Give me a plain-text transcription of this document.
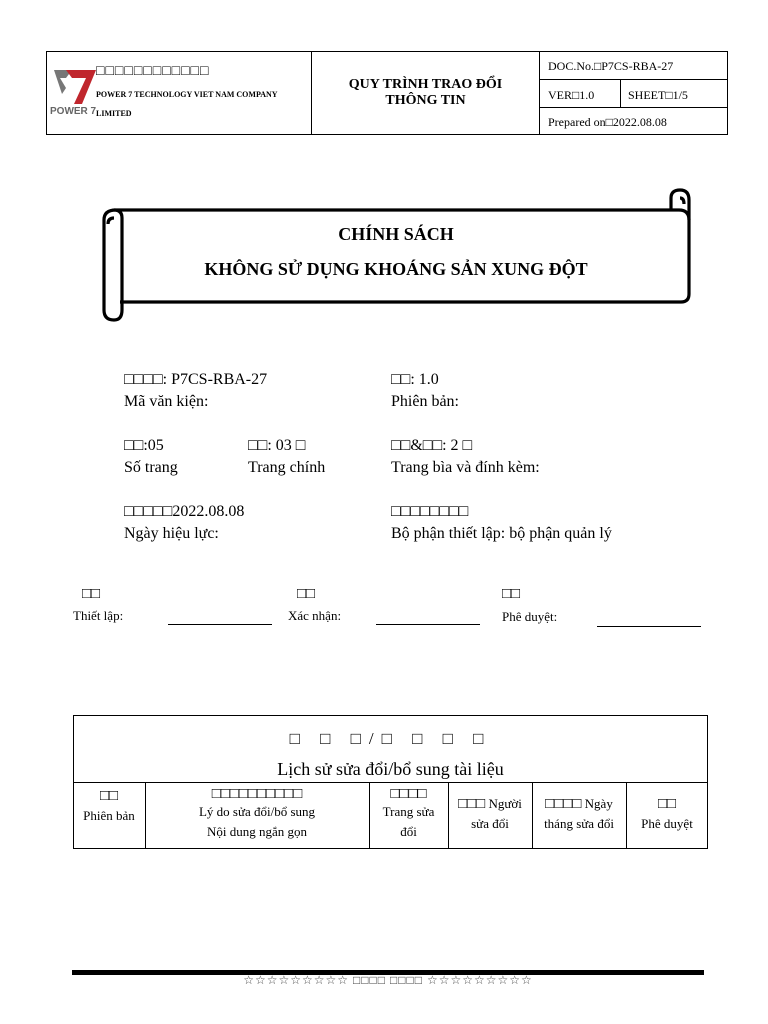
□□□□□□□□□□□□
POWER 7 TECHNOLOGY VIET NAM COMPANY LIMITED
POWER 7
QUY TRÌNH TRAO ĐỔI THÔNG TIN
DOC.No.□P7CS-RBA-27
VER□1.0	SHEET□1/5
Prepared on□2022.08.08
CHÍNH SÁCH
KHÔNG SỬ DỤNG KHOÁNG SẢN XUNG ĐỘT
□□□□: P7CS-RBA-27
Mã văn kiện:
□□: 1.0
Phiên bản:
□□:05
Số trang
□□: 03 □
Trang chính
□□&□□: 2 □
Trang bìa và đính kèm:
□□□□□2022.08.08
Ngày hiệu lực:
□□□□□□□□
Bộ phận thiết lập: bộ phận quản lý
□□
Thiết lập:
□□
Xác nhận:
□□
Phê duyệt:
□ □ □/□ □ □ □
Lịch sử sửa đổi/bổ sung tài liệu
□□
Phiên bản
□□□□□□□□□□
Lý do sửa đổi/bổ sung
Nội dung ngắn gọn
□□□□
Trang sửa
đổi
□□□ Người
sửa đổi
□□□□ Ngày
tháng sửa đổi
□□
Phê duyệt
☆☆☆☆☆☆☆☆☆ □□□□ □□□□ ☆☆☆☆☆☆☆☆☆
